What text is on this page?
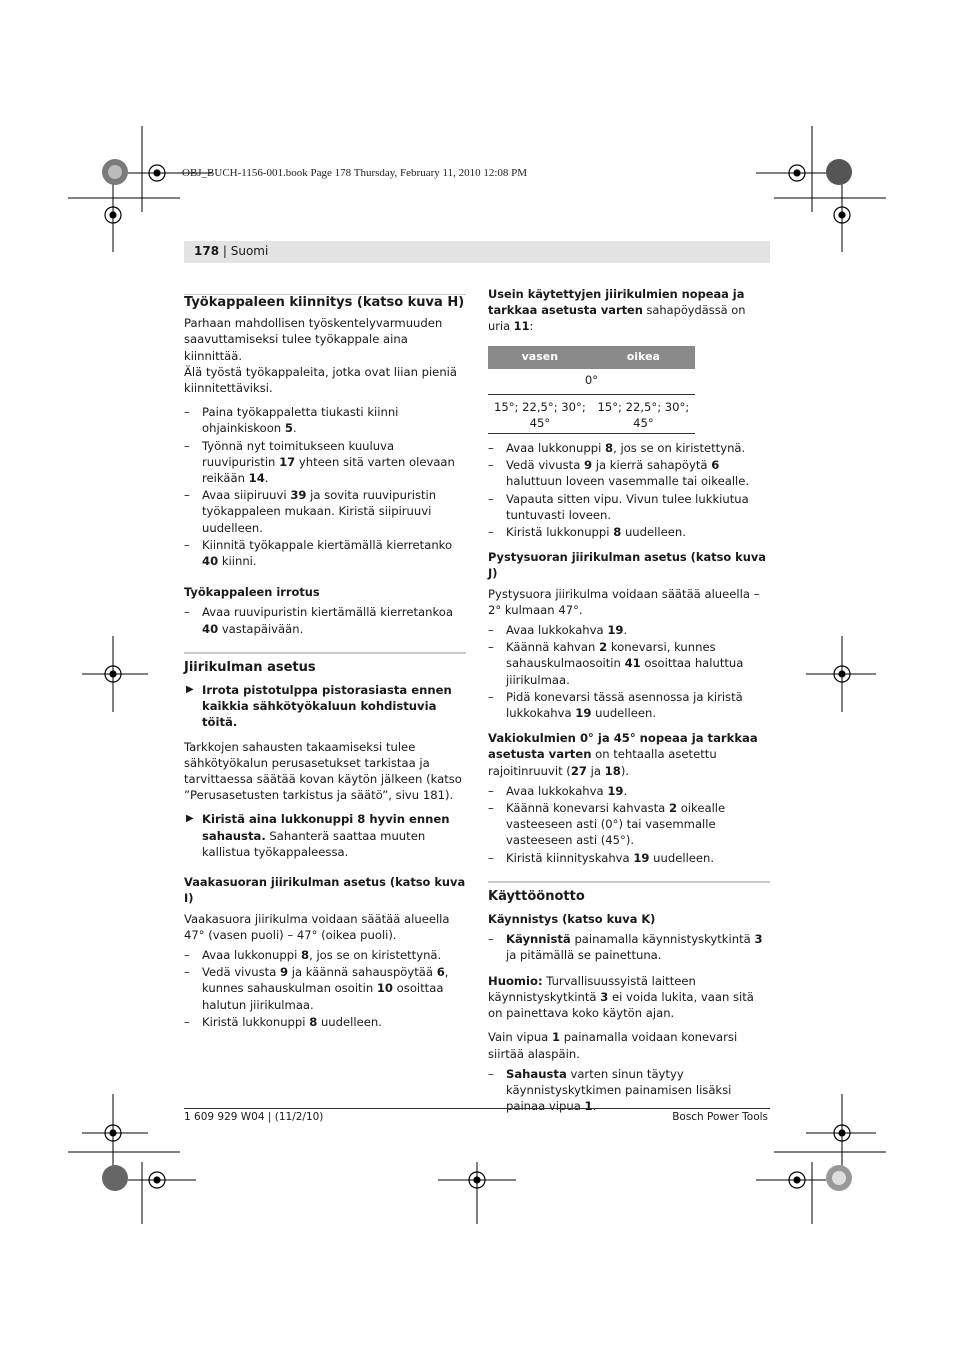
OBJ_BUCH-1156-001.book Page 178 Thursday, February 11, 2010 12:08 PM
178 | Suomi
Työkappaleen kiinnitys (katso kuva H)

Parhaan mahdollisen työskentelyvarmuuden saavuttamiseksi tulee työkappale aina kiinnittää.

Älä työstä työkappaleita, jotka ovat liian pieniä kiinnitettäviksi.

– Paina työkappaletta tiukasti kiinni ohjainkiskoon 5.
– Työnnä nyt toimitukseen kuuluva ruuvipuristin 17 yhteen sitä varten olevaan reikään 14.
– Avaa siipiruuvi 39 ja sovita ruuvipuristin työkappaleen mukaan. Kiristä siipiruuvi uudelleen.
– Kiinnitä työkappale kiertämällä kierretanko 40 kiinni.
Työkappaleen irrotus
– Avaa ruuvipuristin kiertämällä kierretankoa 40 vastapäivään.
Jiirikulman asetus
▶ Irrota pistotulppa pistorasiasta ennen kaikkia sähkötyökaluun kohdistuvia töitä.

Tarkkojen sahausten takaamiseksi tulee sähkötyökalun perusasetukset tarkistaa ja tarvittaessa säätää kovan käytön jälkeen (katso ”Perusasetusten tarkistus ja säätö”, sivu 181).

▶ Kiristä aina lukkonuppi 8 hyvin ennen sahausta. Sahanterä saattaa muuten kallistua työkappaleessa.
Vaakasuoran jiirikulman asetus (katso kuva I)

Vaakasuora jiirikulma voidaan säätää alueella 47° (vasen puoli) – 47° (oikea puoli).

– Avaa lukkonuppi 8, jos se on kiristettynä.
– Vedä vivusta 9 ja käännä sahauspöytää 6, kunnes sahauskulman osoitin 10 osoittaa halutun jiirikulmaa.
– Kiristä lukkonuppi 8 uudelleen.
Usein käytettyjen jiirikulmien nopeaa ja tarkkaa asetusta varten sahapöydässä on uria 11:
vasen	oikea
0°	
15°; 22,5°; 30°; 45°	15°; 22,5°; 30°; 45°
– Avaa lukkonuppi 8, jos se on kiristettynä.
– Vedä vivusta 9 ja kierrä sahapöytä 6 haluttuun loveen vasemmalle tai oikealle.
– Vapauta sitten vipu. Vivun tulee lukkiutua tuntuvasti loveen.
– Kiristä lukkonuppi 8 uudelleen.
Pystysuoran jiirikulman asetus (katso kuva J)

Pystysuora jiirikulma voidaan säätää alueella –2° kulmaan 47°.

– Avaa lukkokahva 19.
– Käännä kahvan 2 konevarsi, kunnes sahauskulmaosoitin 41 osoittaa haluttua jiirikulmaa.
– Pidä konevarsi tässä asennossa ja kiristä lukkokahva 19 uudelleen.

Vakiokulmien 0° ja 45° nopeaa ja tarkkaa asetusta varten on tehtaalla asetettu rajoitinruuvit (27 ja 18).

– Avaa lukkokahva 19.
– Käännä konevarsi kahvasta 2 oikealle vasteeseen asti (0°) tai vasemmalle vasteeseen asti (45°).
– Kiristä kiinnityskahva 19 uudelleen.
Käyttöönotto
Käynnistys (katso kuva K)
– Käynnistä painamalla käynnistyskytkintä 3 ja pitämällä se painettuna.

Huomio: Turvallisuussyistä laitteen käynnistyskytkintä 3 ei voida lukita, vaan sitä on painettava koko käytön ajan.

Vain vipua 1 painamalla voidaan konevarsi siirtää alaspäin.

– Sahausta varten sinun täytyy käynnistyskytkimen painamisen lisäksi painaa vipua 1.
1 609 929 W04 | (11/2/10)	Bosch Power Tools
